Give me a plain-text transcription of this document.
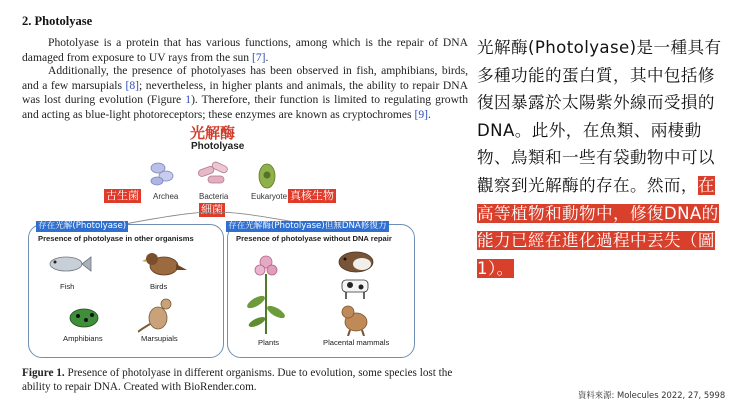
2. Photolyase
Photolyase is a protein that has various functions, among which is the repair of DNA damaged from exposure to UV rays from the sun [7].
Additionally, the presence of photolyases has been observed in fish, amphibians, birds, and a few marsupials [8]; nevertheless, in higher plants and animals, the ability to repair DNA was lost during evolution (Figure 1). Therefore, their function is limited to regulating growth and acting as blue-light photoreceptors; these enzymes are known as cryptochromes [9].
光解酶
Photolyase
Archea	Bacteria	Eukaryote
古生菌
細菌
真核生物
存在光解(Photolyase)
Presence of photolyase in other organisms
Fish	Birds
Amphibians	Marsupials
存在光解酶(Photolyase)但無DNA修復力
Presence of photolyase without DNA repair
Plants	Placental mammals
Figure 1. Presence of photolyase in different organisms. Due to evolution, some species lost the ability to repair DNA. Created with BioRender.com.
光解酶(Photolyase)是一種具有多種功能的蛋白質，其中包括修復因暴露於太陽紫外線而受損的 DNA。此外，在魚類、兩棲動物、鳥類和一些有袋動物中可以觀察到光解酶的存在。然而，在高等植物和動物中，修復DNA的能力已經在進化過程中丟失（圖 1）。
資料來源: Molecules 2022, 27, 5998
